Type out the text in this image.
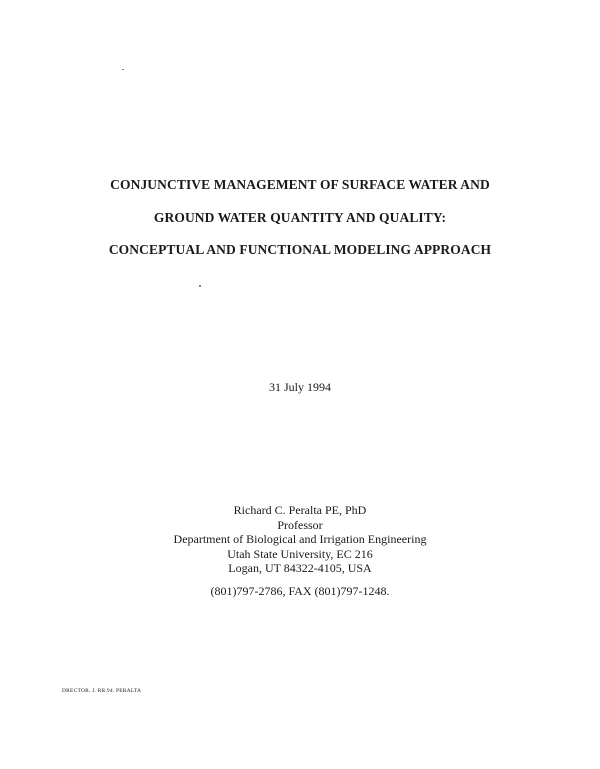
CONJUNCTIVE MANAGEMENT OF SURFACE WATER AND
GROUND WATER QUANTITY AND QUALITY:
CONCEPTUAL AND FUNCTIONAL MODELING APPROACH
31 July 1994
Richard C. Peralta PE, PhD
Professor
Department of Biological and Irrigation Engineering
Utah State University, EC 216
Logan, UT 84322-4105, USA
(801)797-2786, FAX (801)797-1248.
DRECTOR. J. RR.94. PERALTA
